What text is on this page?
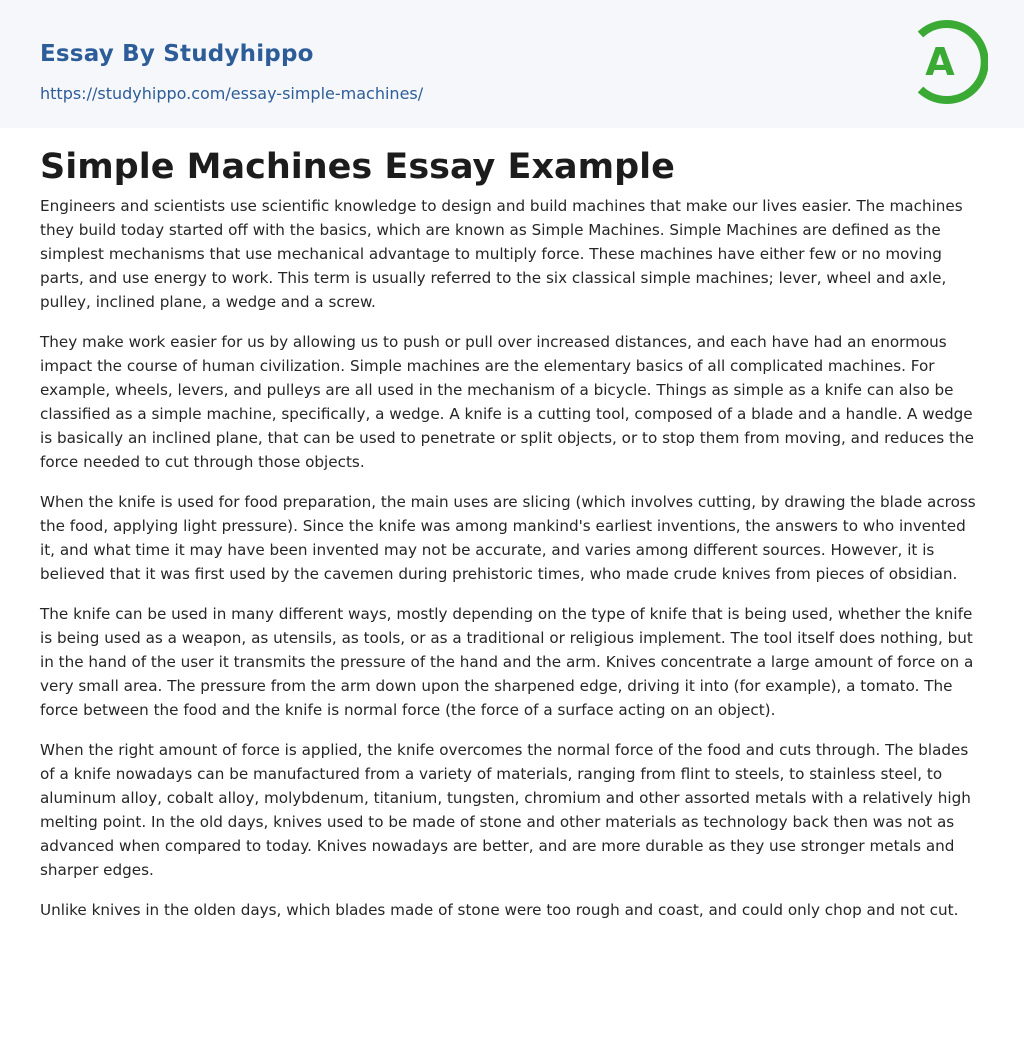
Essay By Studyhippo
https://studyhippo.com/essay-simple-machines/
A
Simple Machines Essay Example

Engineers and scientists use scientific knowledge to design and build machines that make our lives easier. The machines they build today started off with the basics, which are known as Simple Machines. Simple Machines are defined as the simplest mechanisms that use mechanical advantage to multiply force. These machines have either few or no moving parts, and use energy to work. This term is usually referred to the six classical simple machines; lever, wheel and axle, pulley, inclined plane, a wedge and a screw.

They make work easier for us by allowing us to push or pull over increased distances, and each have had an enormous impact the course of human civilization. Simple machines are the elementary basics of all complicated machines. For example, wheels, levers, and pulleys are all used in the mechanism of a bicycle. Things as simple as a knife can also be classified as a simple machine, specifically, a wedge. A knife is a cutting tool, composed of a blade and a handle. A wedge is basically an inclined plane, that can be used to penetrate or split objects, or to stop them from moving, and reduces the force needed to cut through those objects.

When the knife is used for food preparation, the main uses are slicing (which involves cutting, by drawing the blade across the food, applying light pressure). Since the knife was among mankind's earliest inventions, the answers to who invented it, and what time it may have been invented may not be accurate, and varies among different sources. However, it is believed that it was first used by the cavemen during prehistoric times, who made crude knives from pieces of obsidian.

The knife can be used in many different ways, mostly depending on the type of knife that is being used, whether the knife is being used as a weapon, as utensils, as tools, or as a traditional or religious implement. The tool itself does nothing, but in the hand of the user it transmits the pressure of the hand and the arm. Knives concentrate a large amount of force on a very small area. The pressure from the arm down upon the sharpened edge, driving it into (for example), a tomato. The force between the food and the knife is normal force (the force of a surface acting on an object).

When the right amount of force is applied, the knife overcomes the normal force of the food and cuts through. The blades of a knife nowadays can be manufactured from a variety of materials, ranging from flint to steels, to stainless steel, to aluminum alloy, cobalt alloy, molybdenum, titanium, tungsten, chromium and other assorted metals with a relatively high melting point. In the old days, knives used to be made of stone and other materials as technology back then was not as advanced when compared to today. Knives nowadays are better, and are more durable as they use stronger metals and sharper edges.

Unlike knives in the olden days, which blades made of stone were too rough and coast, and could only chop and not cut.
